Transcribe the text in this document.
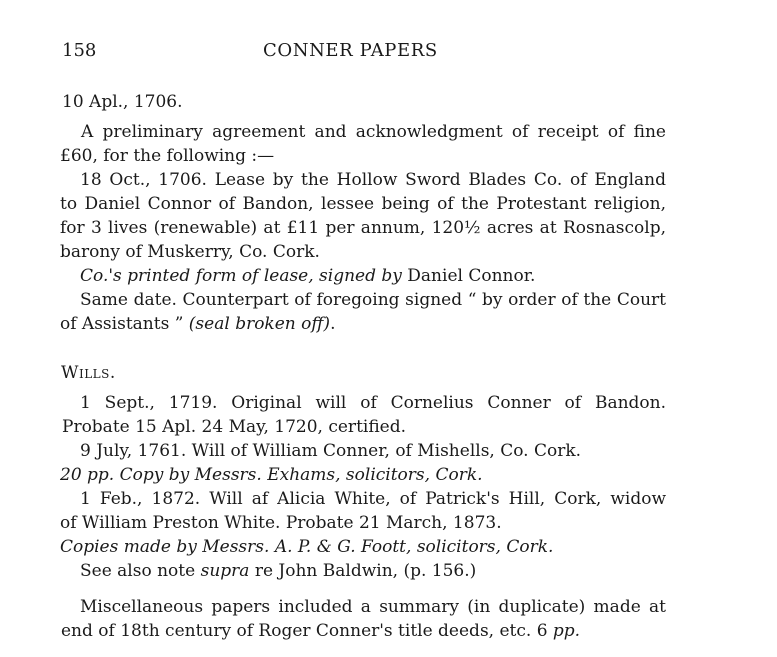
158	CONNER PAPERS
10 Apl., 1706.
A preliminary agreement and acknowledgment of receipt of fine
£60, for the following :—
18 Oct., 1706. Lease by the Hollow Sword Blades Co. of England
to Daniel Connor of Bandon, lessee being of the Protestant religion,
for 3 lives (renewable) at £11 per annum, 120½ acres at Rosnascolp,
barony of Muskerry, Co. Cork.
Co.'s printed form of lease, signed by Daniel Connor.
Same date. Counterpart of foregoing signed “ by order of the Court
of Assistants ” (seal broken off).
Wills.
1 Sept., 1719. Original will of Cornelius Conner of Bandon.
Probate 15 Apl. 24 May, 1720, certified.
9 July, 1761. Will of William Conner, of Mishells, Co. Cork.
20 pp. Copy by Messrs. Exhams, solicitors, Cork.
1 Feb., 1872. Will af Alicia White, of Patrick's Hill, Cork, widow
of William Preston White. Probate 21 March, 1873.
Copies made by Messrs. A. P. & G. Foott, solicitors, Cork.
See also note supra re John Baldwin, (p. 156.)
Miscellaneous papers included a summary (in duplicate) made at
end of 18th century of Roger Conner's title deeds, etc. 6 pp.
